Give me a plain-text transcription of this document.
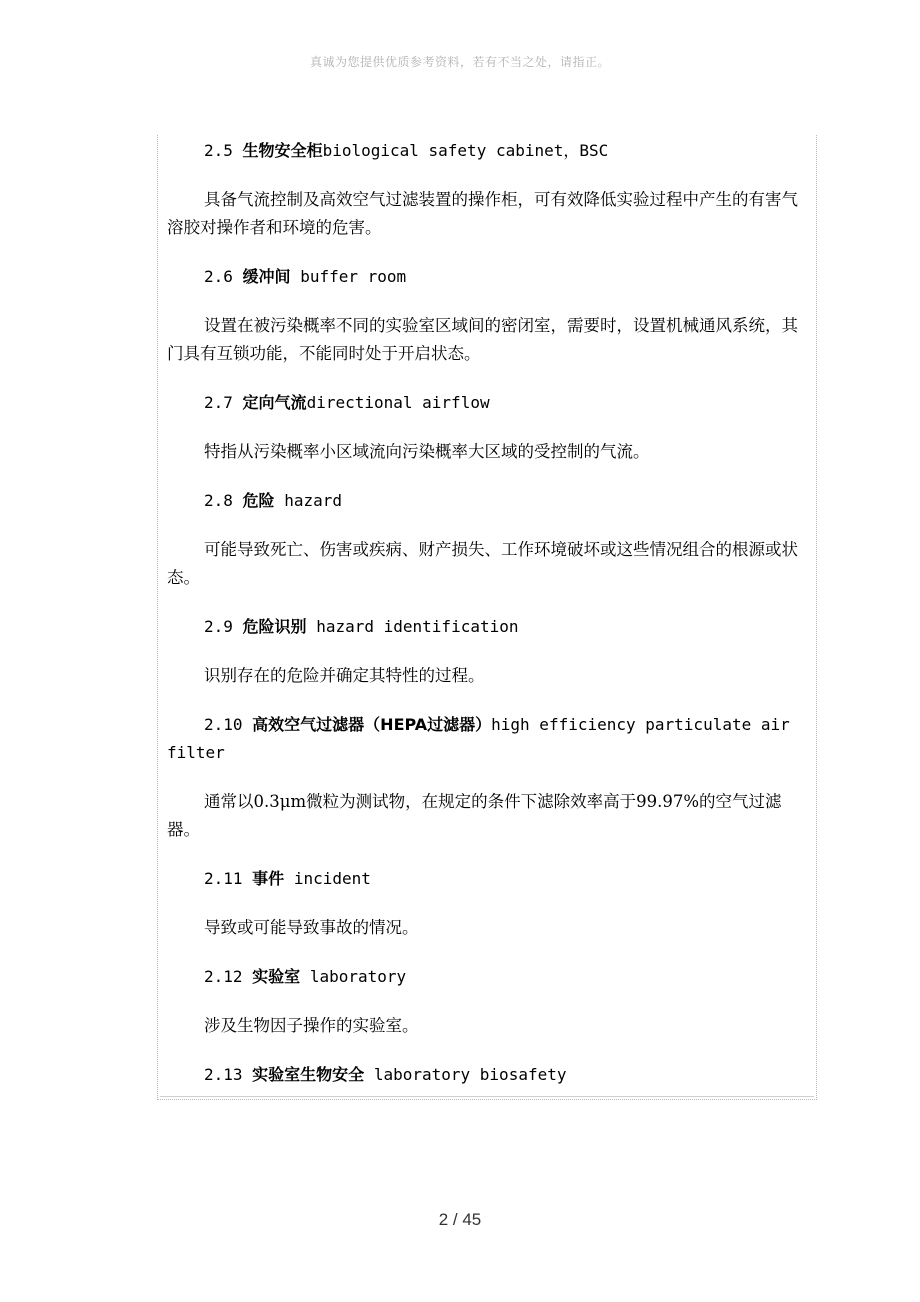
真诚为您提供优质参考资料，若有不当之处，请指正。

2.5 生物安全柜biological safety cabinet，BSC

具备气流控制及高效空气过滤装置的操作柜，可有效降低实验过程中产生的有害气溶胶对操作者和环境的危害。

2.6 缓冲间 buffer room

设置在被污染概率不同的实验室区域间的密闭室，需要时，设置机械通风系统，其门具有互锁功能，不能同时处于开启状态。

2.7 定向气流directional airflow

特指从污染概率小区域流向污染概率大区域的受控制的气流。

2.8 危险 hazard

可能导致死亡、伤害或疾病、财产损失、工作环境破坏或这些情况组合的根源或状态。

2.9 危险识别 hazard identification

识别存在的危险并确定其特性的过程。

2.10 高效空气过滤器（HEPA过滤器）high efficiency particulate air filter

通常以0.3μm微粒为测试物，在规定的条件下滤除效率高于99.97%的空气过滤器。

2.11 事件 incident

导致或可能导致事故的情况。

2.12 实验室 laboratory

涉及生物因子操作的实验室。

2.13 实验室生物安全 laboratory biosafety

2 / 45
